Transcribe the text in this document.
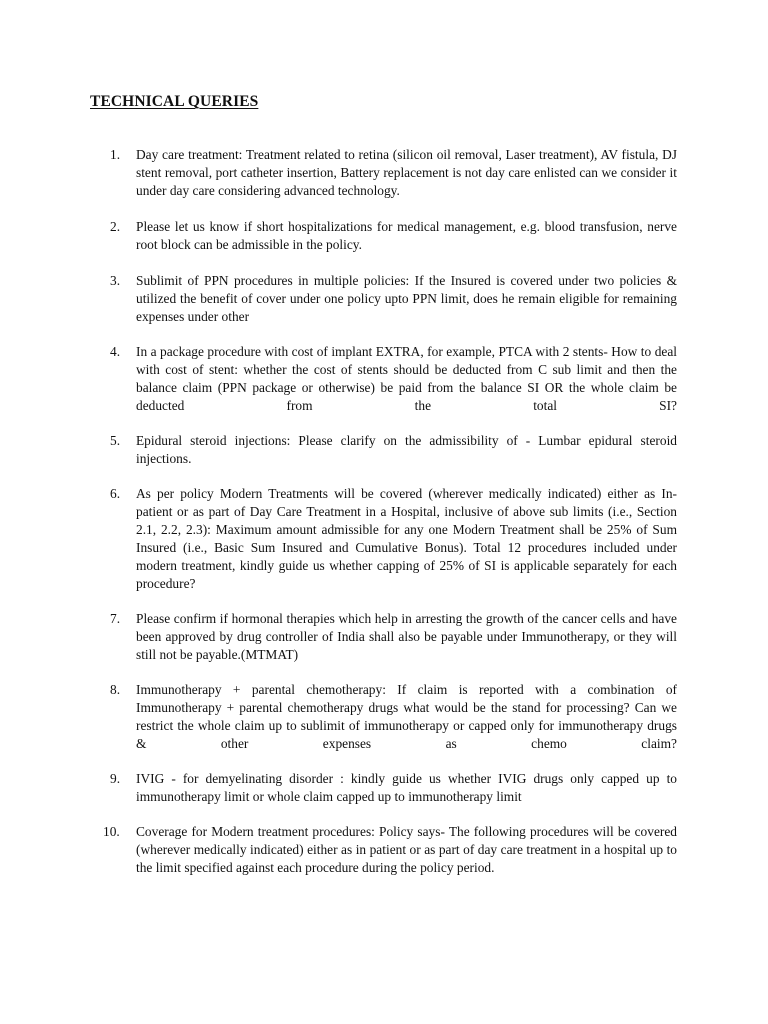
TECHNICAL QUERIES
1.	Day care treatment: Treatment related to retina (silicon oil removal, Laser treatment), AV fistula, DJ stent removal, port catheter insertion, Battery replacement is not day care enlisted can we consider it under day care considering advanced technology.
2.	Please let us know if short hospitalizations for medical management, e.g. blood transfusion, nerve root block can be admissible in the policy.
3.	Sublimit of PPN procedures in multiple policies: If the Insured is covered under two policies & utilized the benefit of cover under one policy upto PPN limit, does he remain eligible for remaining expenses under other
4.	In a package procedure with cost of implant EXTRA, for example, PTCA with 2 stents- How to deal with cost of stent: whether the cost of stents should be deducted from C sub limit and then the balance claim (PPN package or otherwise) be paid from the balance SI OR the whole claim be deducted from the total SI?
5.	Epidural steroid injections: Please clarify on the admissibility of - Lumbar epidural steroid injections.
6.	As per policy Modern Treatments will be covered (wherever medically indicated) either as In-patient or as part of Day Care Treatment in a Hospital, inclusive of above sub limits (i.e., Section 2.1, 2.2, 2.3): Maximum amount admissible for any one Modern Treatment shall be 25% of Sum Insured (i.e., Basic Sum Insured and Cumulative Bonus). Total 12 procedures included under modern treatment, kindly guide us whether capping of 25% of SI is applicable separately for each procedure?
7.	Please confirm if hormonal therapies which help in arresting the growth of the cancer cells and have been approved by drug controller of India shall also be payable under Immunotherapy, or they will still not be payable.(MTMAT)
8.	Immunotherapy + parental chemotherapy: If claim is reported with a combination of Immunotherapy + parental chemotherapy drugs what would be the stand for processing? Can we restrict the whole claim up to sublimit of immunotherapy or capped only for immunotherapy drugs & other expenses as chemo claim?
9.	IVIG - for demyelinating disorder : kindly guide us whether IVIG drugs only capped up to immunotherapy limit or whole claim capped up to immunotherapy limit
10.	Coverage for Modern treatment procedures: Policy says- The following procedures will be covered (wherever medically indicated) either as in patient or as part of day care treatment in a hospital up to the limit specified against each procedure during the policy period.
